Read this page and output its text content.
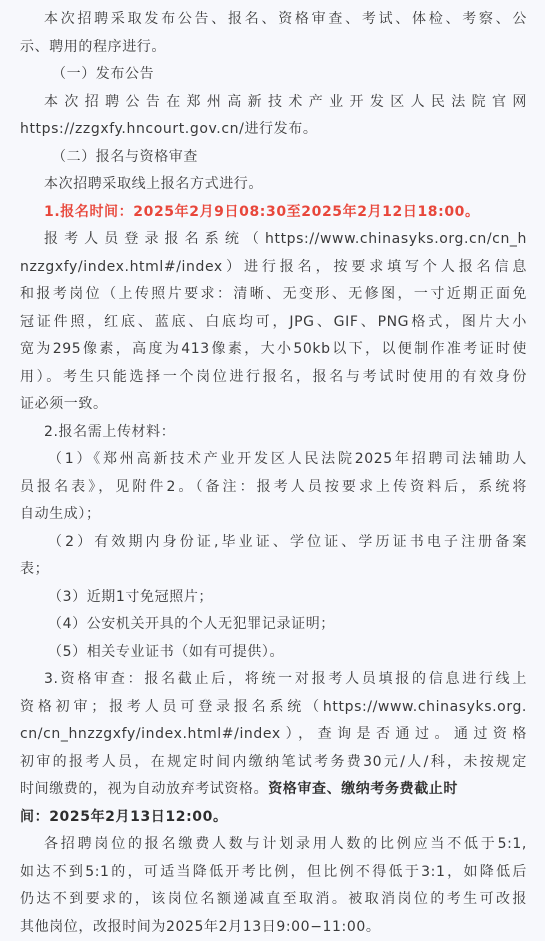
本次招聘采取发布公告、报名、资格审查、考试、体检、考察、公
示、聘用的程序进行。
（一）发布公告
本次招聘公告在郑州高新技术产业开发区人民法院官网
https://zzgxfy.hncourt.gov.cn/进行发布。
（二）报名与资格审查
本次招聘采取线上报名方式进行。
1.报名时间：2025年2月9日08:30至2025年2月12日18:00。
报考人员登录报名系统（https://www.chinasyks.org.cn/cn_h
nzzgxfy/index.html#/index）进行报名，按要求填写个人报名信息
和报考岗位（上传照片要求：清晰、无变形、无修图，一寸近期正面免
冠证件照，红底、蓝底、白底均可，JPG、GIF、PNG格式，图片大小
宽为295像素，高度为413像素，大小50kb以下，以便制作准考证时使
用）。考生只能选择一个岗位进行报名，报名与考试时使用的有效身份
证必须一致。
2.报名需上传材料：
（1）《郑州高新技术产业开发区人民法院2025年招聘司法辅助人
员报名表》，见附件2。（备注：报考人员按要求上传资料后，系统将
自动生成）；
（2）有效期内身份证,毕业证、学位证、学历证书电子注册备案
表；
（3）近期1寸免冠照片；
（4）公安机关开具的个人无犯罪记录证明；
（5）相关专业证书（如有可提供）。
3.资格审查：报名截止后，将统一对报考人员填报的信息进行线上
资格初审；报考人员可登录报名系统（https://www.chinasyks.org.
cn/cn_hnzzgxfy/index.html#/index），查询是否通过。通过资格
初审的报考人员，在规定时间内缴纳笔试考务费30元/人/科，未按规定
时间缴费的，视为自动放弃考试资格。资格审查、缴纳考务费截止时
间：2025年2月13日12:00。
各招聘岗位的报名缴费人数与计划录用人数的比例应当不低于5:1,
如达不到5:1的，可适当降低开考比例，但比例不得低于3:1，如降低后
仍达不到要求的，该岗位名额递减直至取消。被取消岗位的考生可改报
其他岗位，改报时间为2025年2月13日9:00−11:00。
